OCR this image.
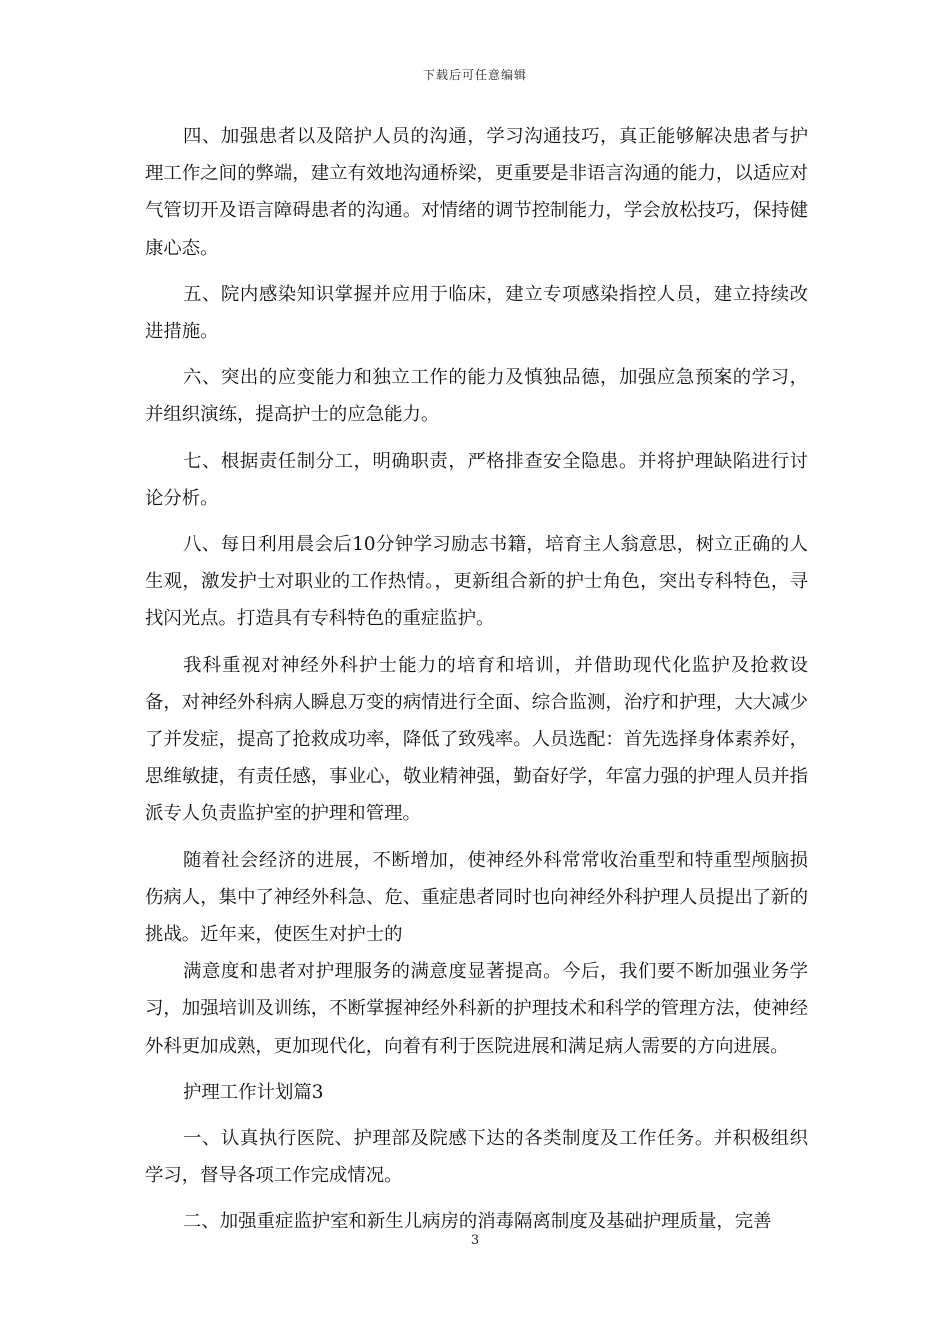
下载后可任意编辑

四、加强患者以及陪护人员的沟通，学习沟通技巧，真正能够解决患者与护理工作之间的弊端，建立有效地沟通桥梁，更重要是非语言沟通的能力，以适应对气管切开及语言障碍患者的沟通。对情绪的调节控制能力，学会放松技巧，保持健康心态。

五、院内感染知识掌握并应用于临床，建立专项感染指控人员，建立持续改进措施。

六、突出的应变能力和独立工作的能力及慎独品德，加强应急预案的学习，并组织演练，提高护士的应急能力。

七、根据责任制分工，明确职责，严格排查安全隐患。并将护理缺陷进行讨论分析。

八、每日利用晨会后10分钟学习励志书籍，培育主人翁意思，树立正确的人生观，激发护士对职业的工作热情。，更新组合新的护士角色，突出专科特色，寻找闪光点。打造具有专科特色的重症监护。

我科重视对神经外科护士能力的培育和培训，并借助现代化监护及抢救设备，对神经外科病人瞬息万变的病情进行全面、综合监测，治疗和护理，大大减少了并发症，提高了抢救成功率，降低了致残率。人员选配：首先选择身体素养好，思维敏捷，有责任感，事业心，敬业精神强，勤奋好学，年富力强的护理人员并指派专人负责监护室的护理和管理。

随着社会经济的进展，不断增加，使神经外科常常收治重型和特重型颅脑损伤病人，集中了神经外科急、危、重症患者同时也向神经外科护理人员提出了新的挑战。近年来，使医生对护士的

满意度和患者对护理服务的满意度显著提高。今后，我们要不断加强业务学习，加强培训及训练，不断掌握神经外科新的护理技术和科学的管理方法，使神经外科更加成熟，更加现代化，向着有利于医院进展和满足病人需要的方向进展。

护理工作计划篇3

一、认真执行医院、护理部及院感下达的各类制度及工作任务。并积极组织学习，督导各项工作完成情况。

二、加强重症监护室和新生儿病房的消毒隔离制度及基础护理质量，完善

3
